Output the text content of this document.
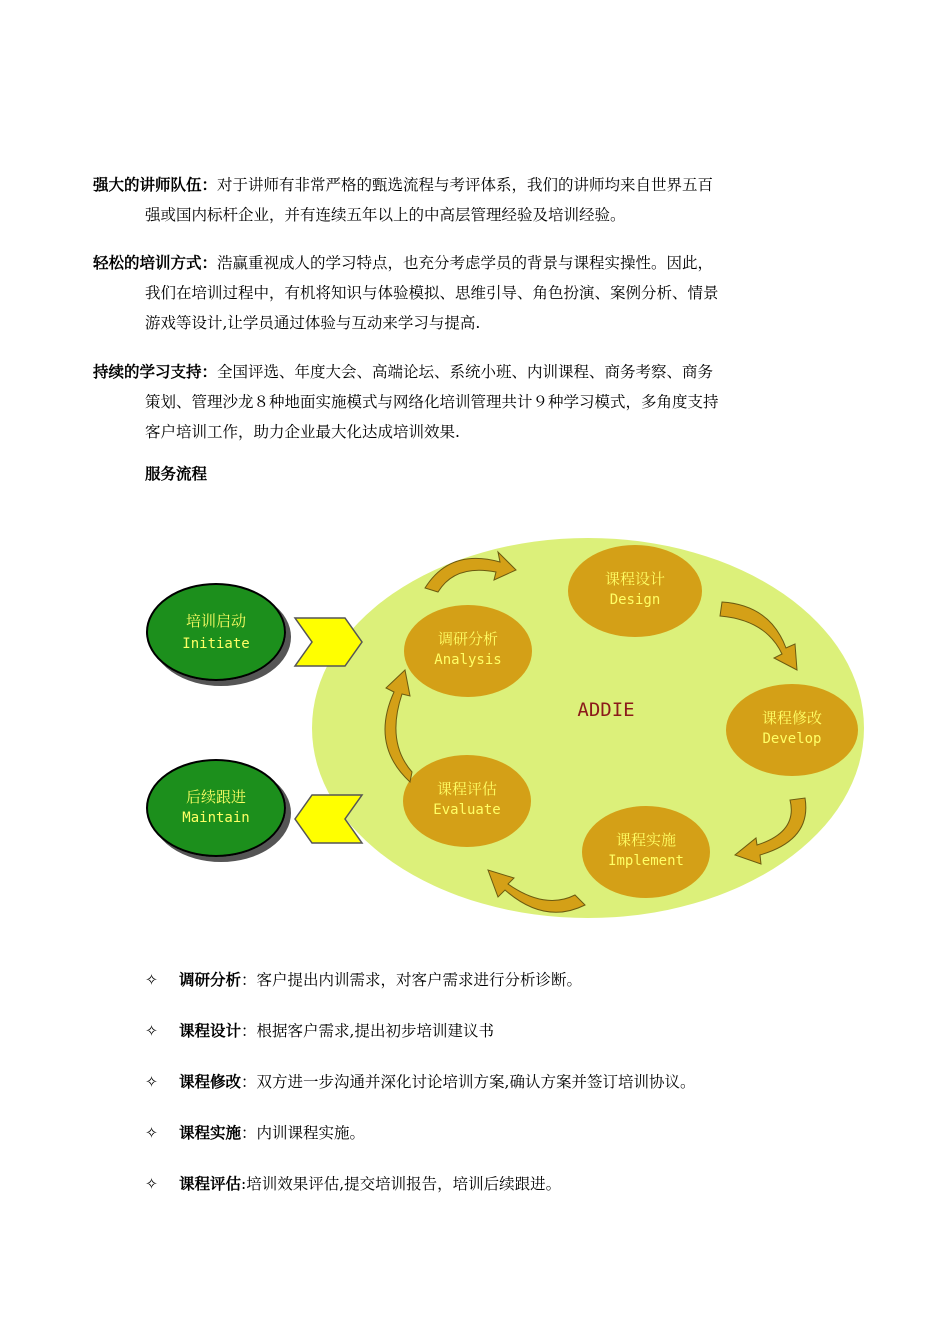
强大的讲师队伍：对于讲师有非常严格的甄选流程与考评体系，我们的讲师均来自世界五百
强或国内标杆企业，并有连续五年以上的中高层管理经验及培训经验。
轻松的培训方式：浩赢重视成人的学习特点，也充分考虑学员的背景与课程实操性。因此，
我们在培训过程中，有机将知识与体验模拟、思维引导、角色扮演、案例分析、情景
游戏等设计,让学员通过体验与互动来学习与提高.
持续的学习支持：全国评选、年度大会、高端论坛、系统小班、内训课程、商务考察、商务
策划、管理沙龙８种地面实施模式与网络化培训管理共计９种学习模式，多角度支持
客户培训工作，助力企业最大化达成培训效果.
服务流程
培训启动
Initiate
后续跟进
Maintain
调研分析
Analysis
课程设计
Design
课程修改
Develop
课程实施
Implement
课程评估
Evaluate
ADDIE
✧ 调研分析：客户提出内训需求，对客户需求进行分析诊断。
✧ 课程设计：根据客户需求,提出初步培训建议书
✧ 课程修改：双方进一步沟通并深化讨论培训方案,确认方案并签订培训协议。
✧ 课程实施：内训课程实施。
✧ 课程评估:培训效果评估,提交培训报告，培训后续跟进。
